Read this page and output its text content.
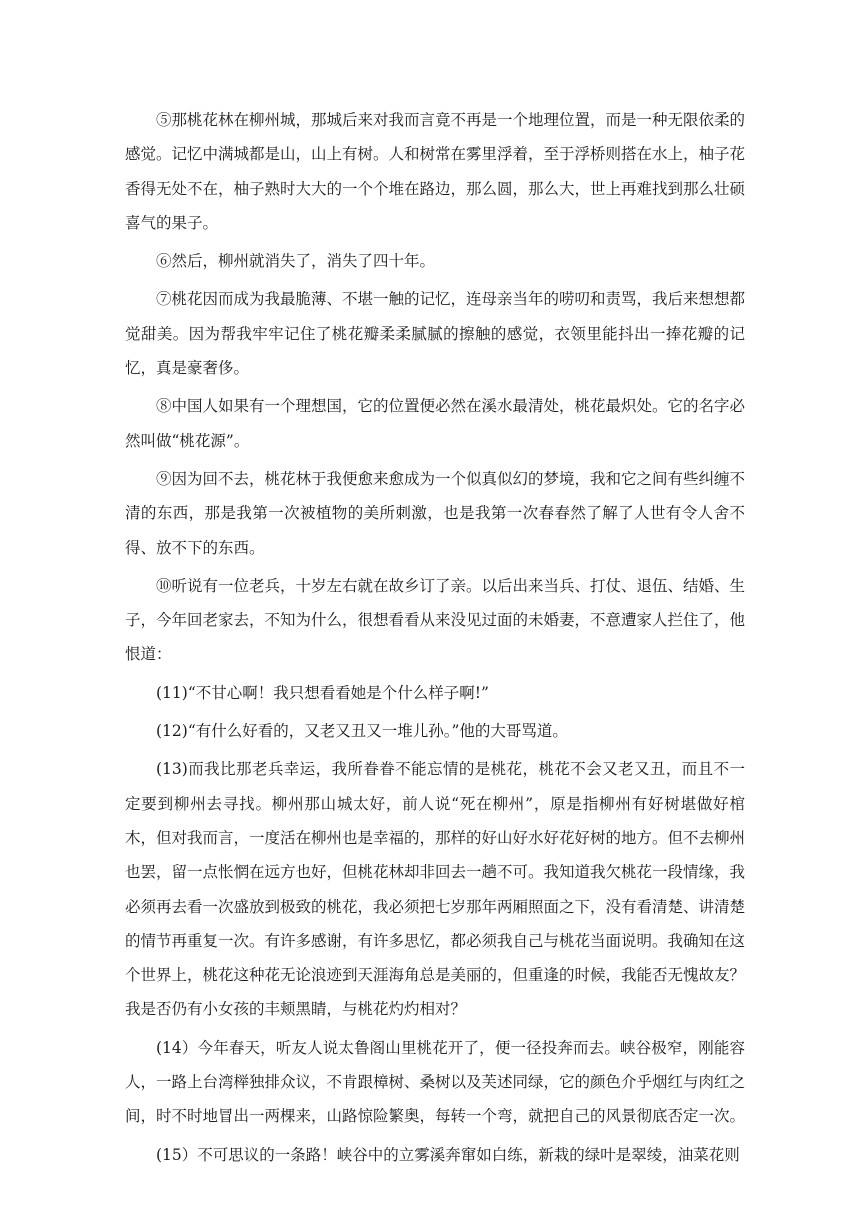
⑤那桃花林在柳州城，那城后来对我而言竟不再是一个地理位置，而是一种无限依柔的感觉。记忆中满城都是山，山上有树。人和树常在雾里浮着，至于浮桥则搭在水上，柚子花香得无处不在，柚子熟时大大的一个个堆在路边，那么圆，那么大，世上再难找到那么壮硕喜气的果子。

⑥然后，柳州就消失了，消失了四十年。

⑦桃花因而成为我最脆薄、不堪一触的记忆，连母亲当年的唠叨和责骂，我后来想想都觉甜美。因为帮我牢牢记住了桃花瓣柔柔腻腻的擦触的感觉，衣领里能抖出一捧花瓣的记忆，真是豪奢侈。

⑧中国人如果有一个理想国，它的位置便必然在溪水最清处，桃花最炽处。它的名字必然叫做“桃花源”。

⑨因为回不去，桃花林于我便愈来愈成为一个似真似幻的梦境，我和它之间有些纠缠不清的东西，那是我第一次被植物的美所刺激，也是我第一次春春然了解了人世有令人舍不得、放不下的东西。

⑩听说有一位老兵，十岁左右就在故乡订了亲。以后出来当兵、打仗、退伍、结婚、生子，今年回老家去，不知为什么，很想看看从来没见过面的未婚妻，不意遭家人拦住了，他恨道：

(11)“不甘心啊！我只想看看她是个什么样子啊!”

(12)“有什么好看的，又老又丑又一堆儿孙。”他的大哥骂道。

(13)而我比那老兵幸运，我所眷眷不能忘情的是桃花，桃花不会又老又丑，而且不一定要到柳州去寻找。柳州那山城太好，前人说“死在柳州”，原是指柳州有好树堪做好棺木，但对我而言，一度活在柳州也是幸福的，那样的好山好水好花好树的地方。但不去柳州也罢，留一点怅惘在远方也好，但桃花林却非回去一趟不可。我知道我欠桃花一段情缘，我必须再去看一次盛放到极致的桃花，我必须把七岁那年两厢照面之下，没有看清楚、讲清楚的情节再重复一次。有许多感谢，有许多思忆，都必须我自己与桃花当面说明。我确知在这个世界上，桃花这种花无论浪迹到天涯海角总是美丽的，但重逢的时候，我能否无愧故友？我是否仍有小女孩的丰颊黑睛，与桃花灼灼相对？

(14）今年春天，听友人说太鲁阁山里桃花开了，便一径投奔而去。峡谷极窄，刚能容人，一路上台湾榉独排众议，不肯跟樟树、桑树以及芙述同绿，它的颜色介乎烟红与肉红之间，时不时地冒出一两棵来，山路惊险繁奥，每转一个弯，就把自己的风景彻底否定一次。

(15）不可思议的一条路！峡谷中的立雾溪奔窜如白练，新栽的绿叶是翠绫，油菜花则
